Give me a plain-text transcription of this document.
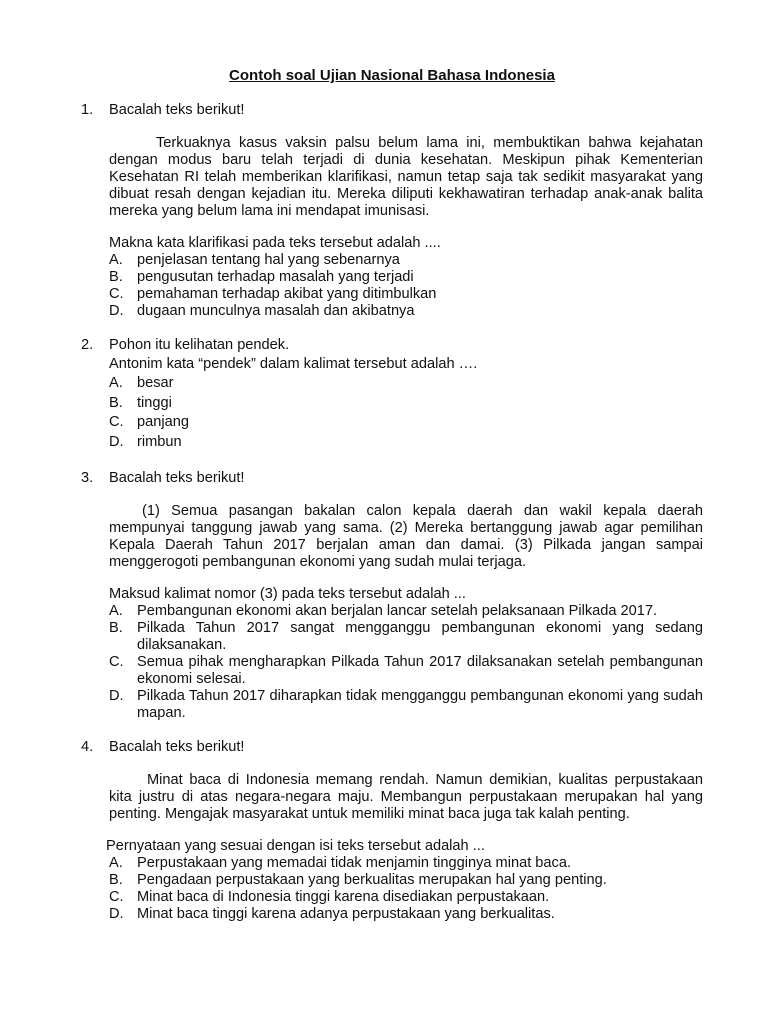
Contoh soal Ujian Nasional Bahasa Indonesia
1. Bacalah teks berikut!

Terkuaknya kasus vaksin palsu belum lama ini, membuktikan bahwa kejahatan dengan modus baru telah terjadi di dunia kesehatan. Meskipun pihak Kementerian Kesehatan RI telah memberikan klarifikasi, namun tetap saja tak sedikit masyarakat yang dibuat resah dengan kejadian itu. Mereka diliputi kekhawatiran terhadap anak-anak balita mereka yang belum lama ini mendapat imunisasi.

Makna kata klarifikasi pada teks tersebut adalah ....

A. penjelasan tentang hal yang sebenarnya
B. pengusutan terhadap masalah yang terjadi
C. pemahaman terhadap akibat yang ditimbulkan
D. dugaan munculnya masalah dan akibatnya
2. Pohon itu kelihatan pendek.

Antonim kata “pendek” dalam kalimat tersebut adalah ….

A. besar
B. tinggi
C. panjang
D. rimbun
3. Bacalah teks berikut!

(1) Semua pasangan bakalan calon kepala daerah dan wakil kepala daerah mempunyai tanggung jawab yang sama. (2) Mereka bertanggung jawab agar pemilihan Kepala Daerah Tahun 2017 berjalan aman dan damai. (3) Pilkada jangan sampai menggerogoti pembangunan ekonomi yang sudah mulai terjaga.

Maksud kalimat nomor (3) pada teks tersebut adalah ...

A. Pembangunan ekonomi akan berjalan lancar setelah pelaksanaan Pilkada 2017.
B. Pilkada Tahun 2017 sangat mengganggu pembangunan ekonomi yang sedang dilaksanakan.
C. Semua pihak mengharapkan Pilkada Tahun 2017 dilaksanakan setelah pembangunan ekonomi selesai.
D. Pilkada Tahun 2017 diharapkan tidak mengganggu pembangunan ekonomi yang sudah mapan.
4. Bacalah teks berikut!

Minat baca di Indonesia memang rendah. Namun demikian, kualitas perpustakaan kita justru di atas negara-negara maju. Membangun perpustakaan merupakan hal yang penting. Mengajak masyarakat untuk memiliki minat baca juga tak kalah penting.

Pernyataan yang sesuai dengan isi teks tersebut adalah ...

A. Perpustakaan yang memadai tidak menjamin tingginya minat baca.
B. Pengadaan perpustakaan yang berkualitas merupakan hal yang penting.
C. Minat baca di Indonesia tinggi karena disediakan perpustakaan.
D. Minat baca tinggi karena adanya perpustakaan yang berkualitas.
